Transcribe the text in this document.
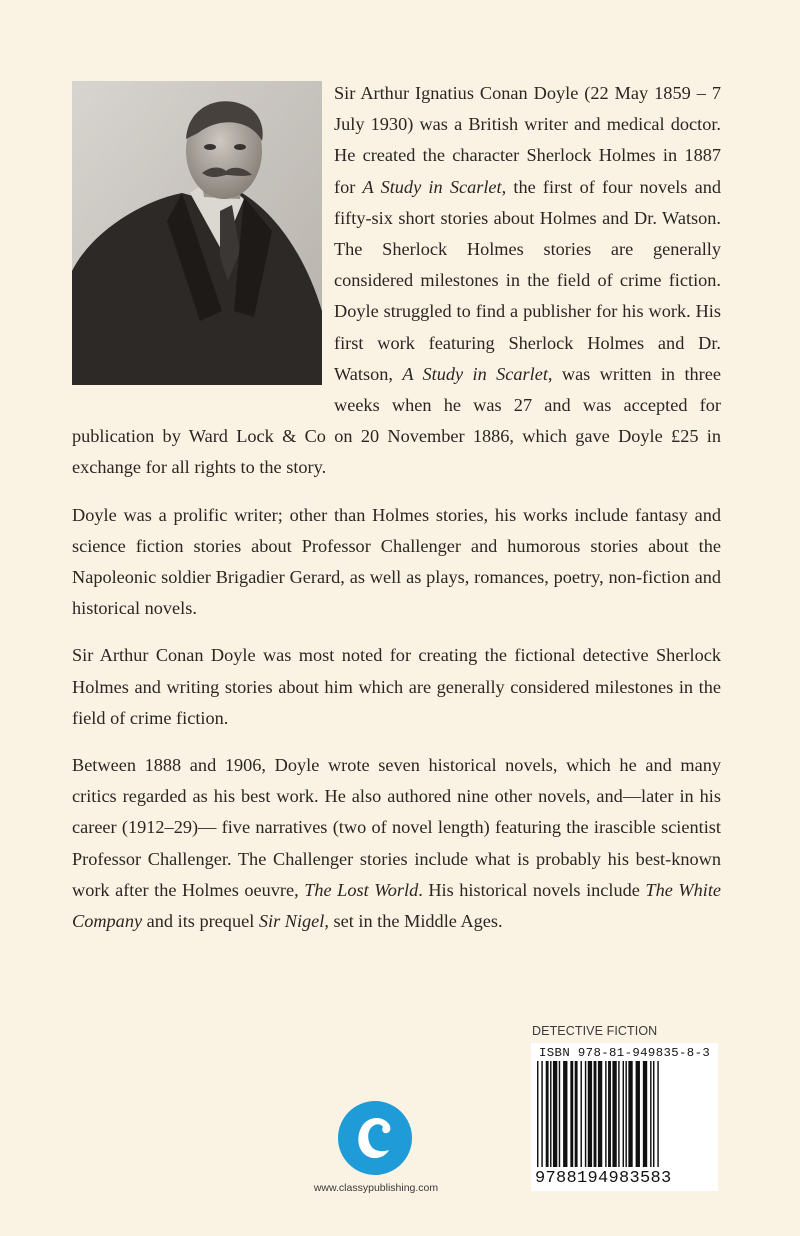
Sir Arthur Ignatius Conan Doyle (22 May 1859 – 7 July 1930) was a British writer and medical doctor. He created the character Sherlock Holmes in 1887 for A Study in Scarlet, the first of four novels and fifty-six short stories about Holmes and Dr. Watson. The Sherlock Holmes stories are generally considered milestones in the field of crime fiction. Doyle struggled to find a publisher for his work. His first work featuring Sherlock Holmes and Dr. Watson, A Study in Scarlet, was written in three weeks when he was 27 and was accepted for publication by Ward Lock & Co on 20 November 1886, which gave Doyle £25 in exchange for all rights to the story.

Doyle was a prolific writer; other than Holmes stories, his works include fantasy and science fiction stories about Professor Challenger and humorous stories about the Napoleonic soldier Brigadier Gerard, as well as plays, romances, poetry, non-fiction and historical novels.

Sir Arthur Conan Doyle was most noted for creating the fictional detective Sherlock Holmes and writing stories about him which are generally considered milestones in the field of crime fiction.

Between 1888 and 1906, Doyle wrote seven historical novels, which he and many critics regarded as his best work. He also authored nine other novels, and—later in his career (1912–29)— five narratives (two of novel length) featuring the irascible scientist Professor Challenger. The Challenger stories include what is probably his best-known work after the Holmes oeuvre, The Lost World. His historical novels include The White Company and its prequel Sir Nigel, set in the Middle Ages.

DETECTIVE FICTION
ISBN 978-81-949835-8-3
9788194983583
www.classypublishing.com
